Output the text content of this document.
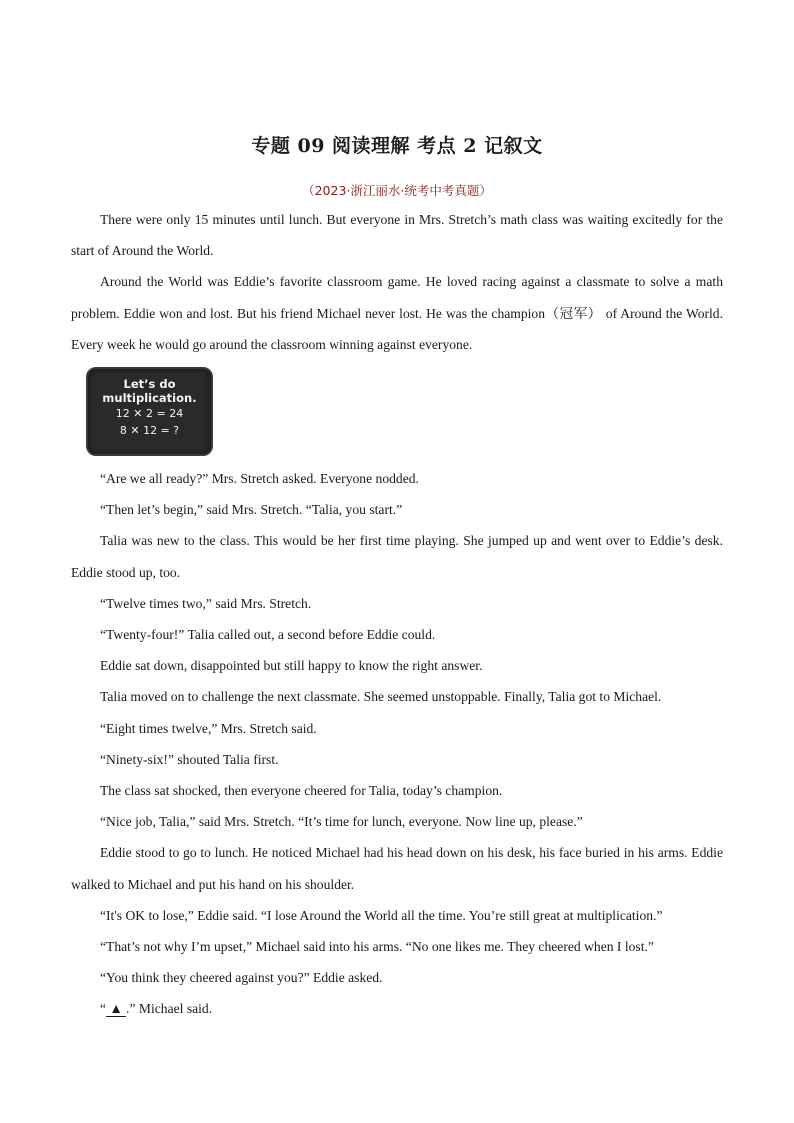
专题 09 阅读理解 考点 2 记叙文
（2023·浙江丽水·统考中考真题）

There were only 15 minutes until lunch. But everyone in Mrs. Stretch’s math class was waiting excitedly for the start of Around the World.

Around the World was Eddie’s favorite classroom game. He loved racing against a classmate to solve a math problem. Eddie won and lost. But his friend Michael never lost. He was the champion（冠军） of Around the World. Every week he would go around the classroom winning against everyone.

Let’s do
multiplication.
12 ✕ 2 = 24
8 ✕ 12 = ?

“Are we all ready?” Mrs. Stretch asked. Everyone nodded.

“Then let’s begin,” said Mrs. Stretch. “Talia, you start.”

Talia was new to the class. This would be her first time playing. She jumped up and went over to Eddie’s desk. Eddie stood up, too.

“Twelve times two,” said Mrs. Stretch.

“Twenty-four!” Talia called out, a second before Eddie could.

Eddie sat down, disappointed but still happy to know the right answer.

Talia moved on to challenge the next classmate. She seemed unstoppable. Finally, Talia got to Michael.

“Eight times twelve,” Mrs. Stretch said.

“Ninety-six!” shouted Talia first.

The class sat shocked, then everyone cheered for Talia, today’s champion.

“Nice job, Talia,” said Mrs. Stretch. “It’s time for lunch, everyone. Now line up, please.”

Eddie stood to go to lunch. He noticed Michael had his head down on his desk, his face buried in his arms. Eddie walked to Michael and put his hand on his shoulder.

“It's OK to lose,” Eddie said. “I lose Around the World all the time. You’re still great at multiplication.”

“That’s not why I’m upset,” Michael said into his arms. “No one likes me. They cheered when I lost.”

“You think they cheered against you?” Eddie asked.

“ ▲ .” Michael said.
